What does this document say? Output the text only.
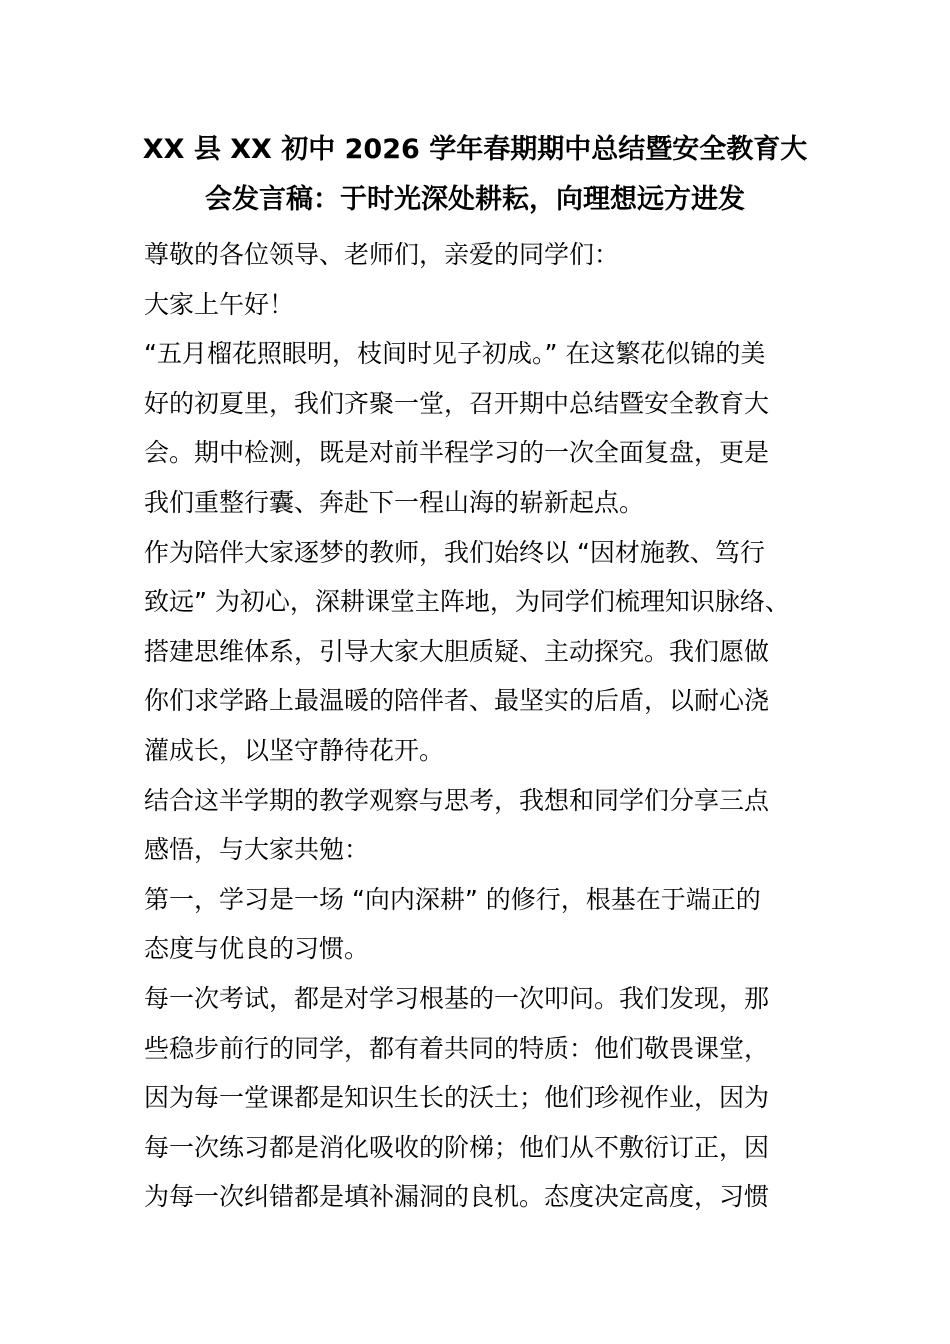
XX 县 XX 初中 2026 学年春期期中总结暨安全教育大
会发言稿：于时光深处耕耘，向理想远方进发
尊敬的各位领导、老师们，亲爱的同学们：
大家上午好！
“五月榴花照眼明，枝间时见子初成。” 在这繁花似锦的美
好的初夏里，我们齐聚一堂，召开期中总结暨安全教育大
会。期中检测，既是对前半程学习的一次全面复盘，更是
我们重整行囊、奔赴下一程山海的崭新起点。
作为陪伴大家逐梦的教师，我们始终以 “因材施教、笃行
致远” 为初心，深耕课堂主阵地，为同学们梳理知识脉络、
搭建思维体系，引导大家大胆质疑、主动探究。我们愿做
你们求学路上最温暖的陪伴者、最坚实的后盾，以耐心浇
灌成长，以坚守静待花开。
结合这半学期的教学观察与思考，我想和同学们分享三点
感悟，与大家共勉：
第一，学习是一场 “向内深耕” 的修行，根基在于端正的
态度与优良的习惯。
每一次考试，都是对学习根基的一次叩问。我们发现，那
些稳步前行的同学，都有着共同的特质：他们敬畏课堂，
因为每一堂课都是知识生长的沃土；他们珍视作业，因为
每一次练习都是消化吸收的阶梯；他们从不敷衍订正，因
为每一次纠错都是填补漏洞的良机。态度决定高度，习惯
